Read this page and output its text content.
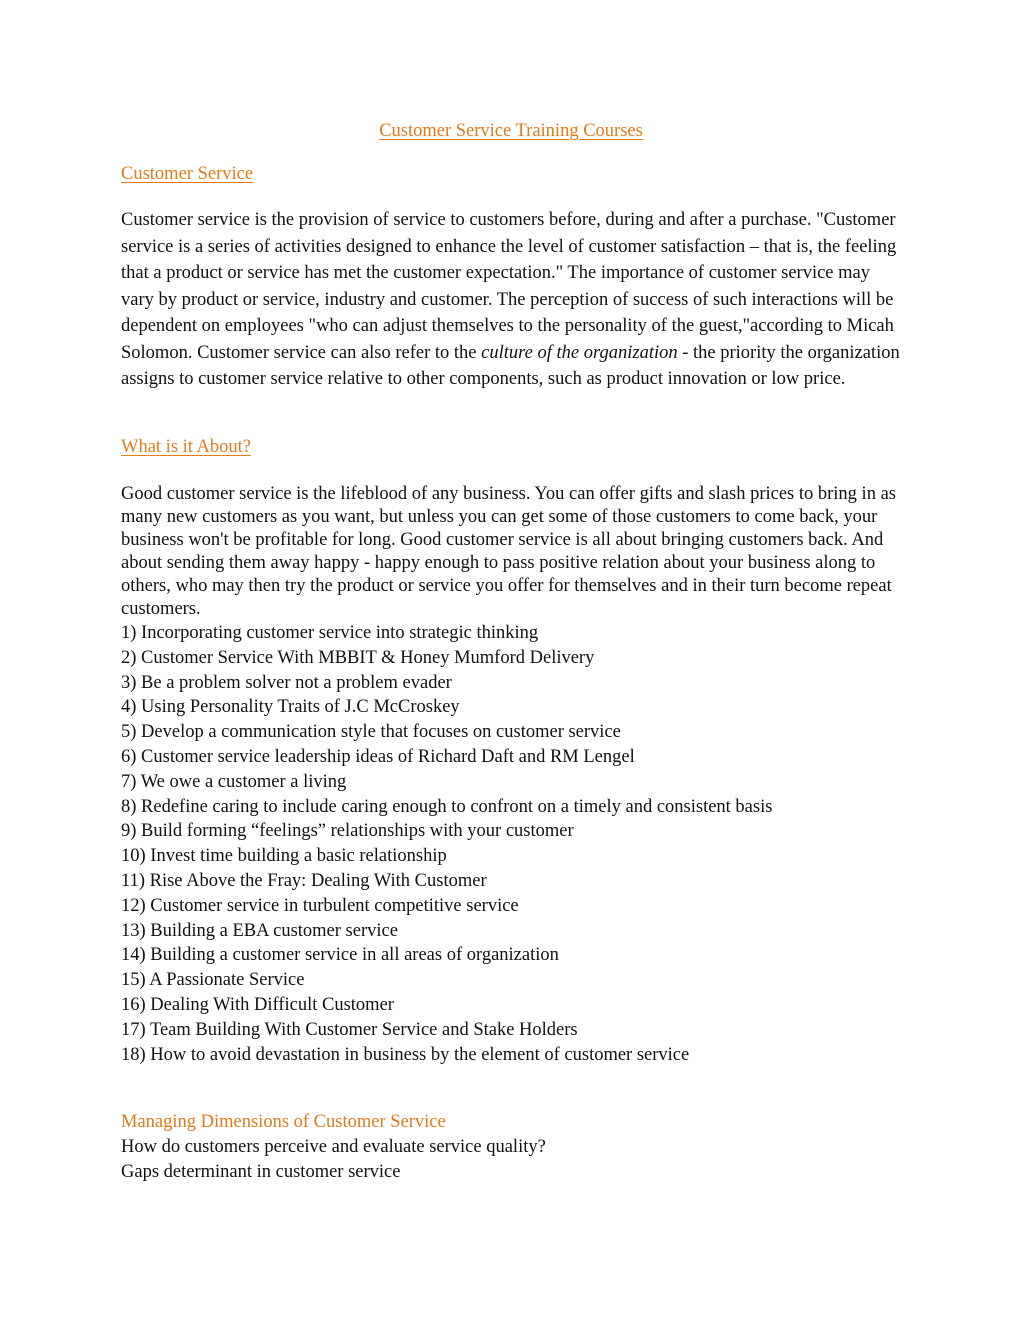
Customer Service Training Courses
Customer Service

Customer service is the provision of service to customers before, during and after a purchase. "Customer service is a series of activities designed to enhance the level of customer satisfaction – that is, the feeling that a product or service has met the customer expectation." The importance of customer service may vary by product or service, industry and customer. The perception of success of such interactions will be dependent on employees "who can adjust themselves to the personality of the guest,"according to Micah Solomon. Customer service can also refer to the culture of the organization - the priority the organization assigns to customer service relative to other components, such as product innovation or low price.

What is it About?

Good customer service is the lifeblood of any business. You can offer gifts and slash prices to bring in as many new customers as you want, but unless you can get some of those customers to come back, your business won't be profitable for long. Good customer service is all about bringing customers back. And about sending them away happy - happy enough to pass positive relation about your business along to others, who may then try the product or service you offer for themselves and in their turn become repeat customers.

1) Incorporating customer service into strategic thinking
2) Customer Service With MBBIT & Honey Mumford Delivery
3) Be a problem solver not a problem evader
4) Using Personality Traits of J.C McCroskey
5) Develop a communication style that focuses on customer service
6) Customer service leadership ideas of Richard Daft and RM Lengel
7) We owe a customer a living
8) Redefine caring to include caring enough to confront on a timely and consistent basis
9) Build forming “feelings” relationships with your customer
10) Invest time building a basic relationship
11) Rise Above the Fray: Dealing With Customer
12) Customer service in turbulent competitive service
13) Building a EBA customer service
14) Building a customer service in all areas of organization
15) A Passionate Service
16) Dealing With Difficult Customer
17) Team Building With Customer Service and Stake Holders
18) How to avoid devastation in business by the element of customer service
Managing Dimensions of Customer Service
How do customers perceive and evaluate service quality?
Gaps determinant in customer service
